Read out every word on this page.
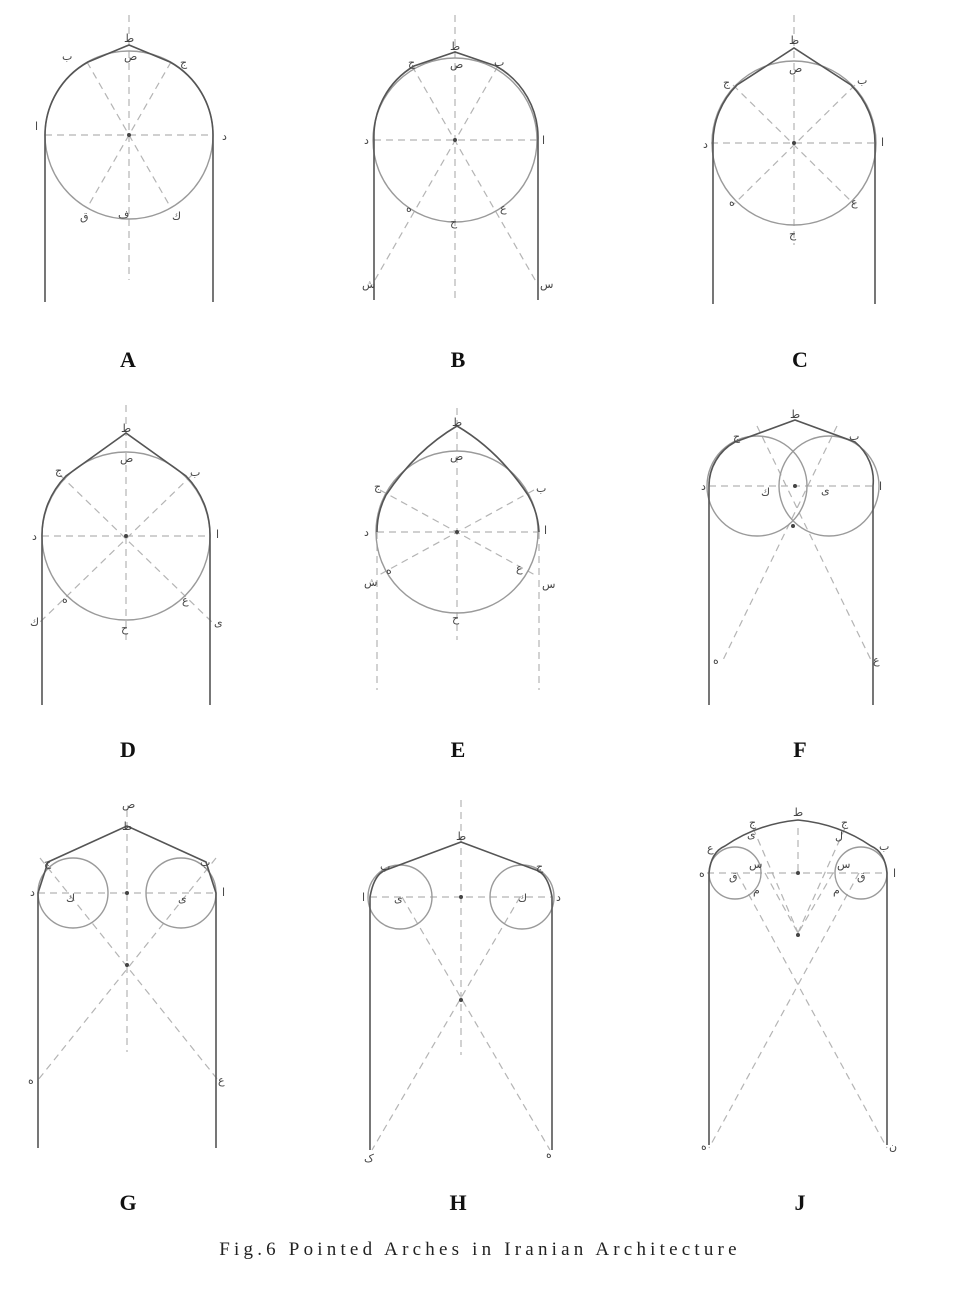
ط
ص
ب	ج
ا
د
ق	ف	ك
A
ط
ص
ج	ب
د	ا
ه
ح
ع
ش	س
B
ط
ص
ج	ب
د	ا
ه
ح
ع
C
ط
ص
ج	ب
د	ا
ه	ع
ح
ك	ى
D
ط
ص
ج	ب
د	ا
ه	ع
ح
ش	س
E
ط
ج	ب
د	ا
ك	ى
ه	ع
F
ص
ط
ج	ب
د	ا
ك	ى
ه	ع
G
ط
ب	ج
ا	د
ى	ك
ک	ه
H
ط
ج	ج
ى	ل
ع	ب
ه	ا
ق	ق
س	س
م	م
ه	ن
J
Fig.6 Pointed Arches in Iranian Architecture
